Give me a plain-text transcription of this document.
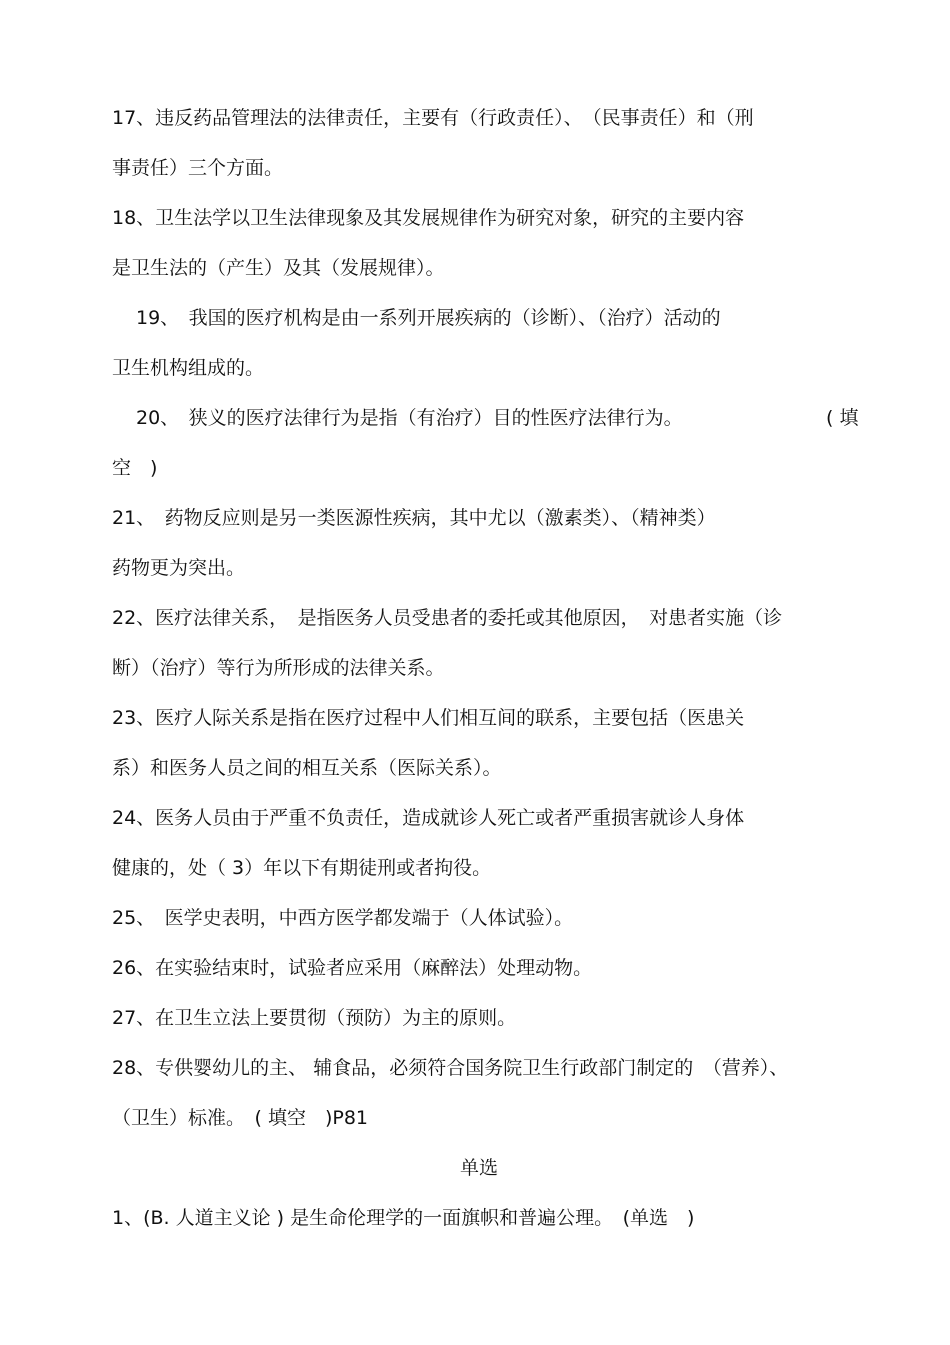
17、违反药品管理法的法律责任，主要有（行政责任）、　（民事责任）和（刑

事责任）三个方面。

18、卫生法学以卫生法律现象及其发展规律作为研究对象，研究的主要内容

是卫生法的（产生）及其（发展规律）。

19、　我国的医疗机构是由一系列开展疾病的（诊断）、（治疗）活动的

卫生机构组成的。

20、　狭义的医疗法律行为是指（有治疗）目的性医疗法律行为。	( 填

空　)

21、　药物反应则是另一类医源性疾病，其中尤以（激素类）、（精神类）

药物更为突出。

22、医疗法律关系，　是指医务人员受患者的委托或其他原因，　对患者实施（诊

断）（治疗）等行为所形成的法律关系。

23、医疗人际关系是指在医疗过程中人们相互间的联系，主要包括（医患关

系）和医务人员之间的相互关系（医际关系）。

24、医务人员由于严重不负责任，造成就诊人死亡或者严重损害就诊人身体

健康的，处（ 3）年以下有期徒刑或者拘役。

25、　医学史表明，中西方医学都发端于（人体试验）。

26、在实验结束时，试验者应采用（麻醉法）处理动物。

27、在卫生立法上要贯彻（预防）为主的原则。

28、专供婴幼儿的主、 辅食品，必须符合国务院卫生行政部门制定的　（营养）、

（卫生）标准。　( 填空　)P81

单选

1、(B. 人道主义论 ) 是生命伦理学的一面旗帜和普遍公理。　(单选　)
